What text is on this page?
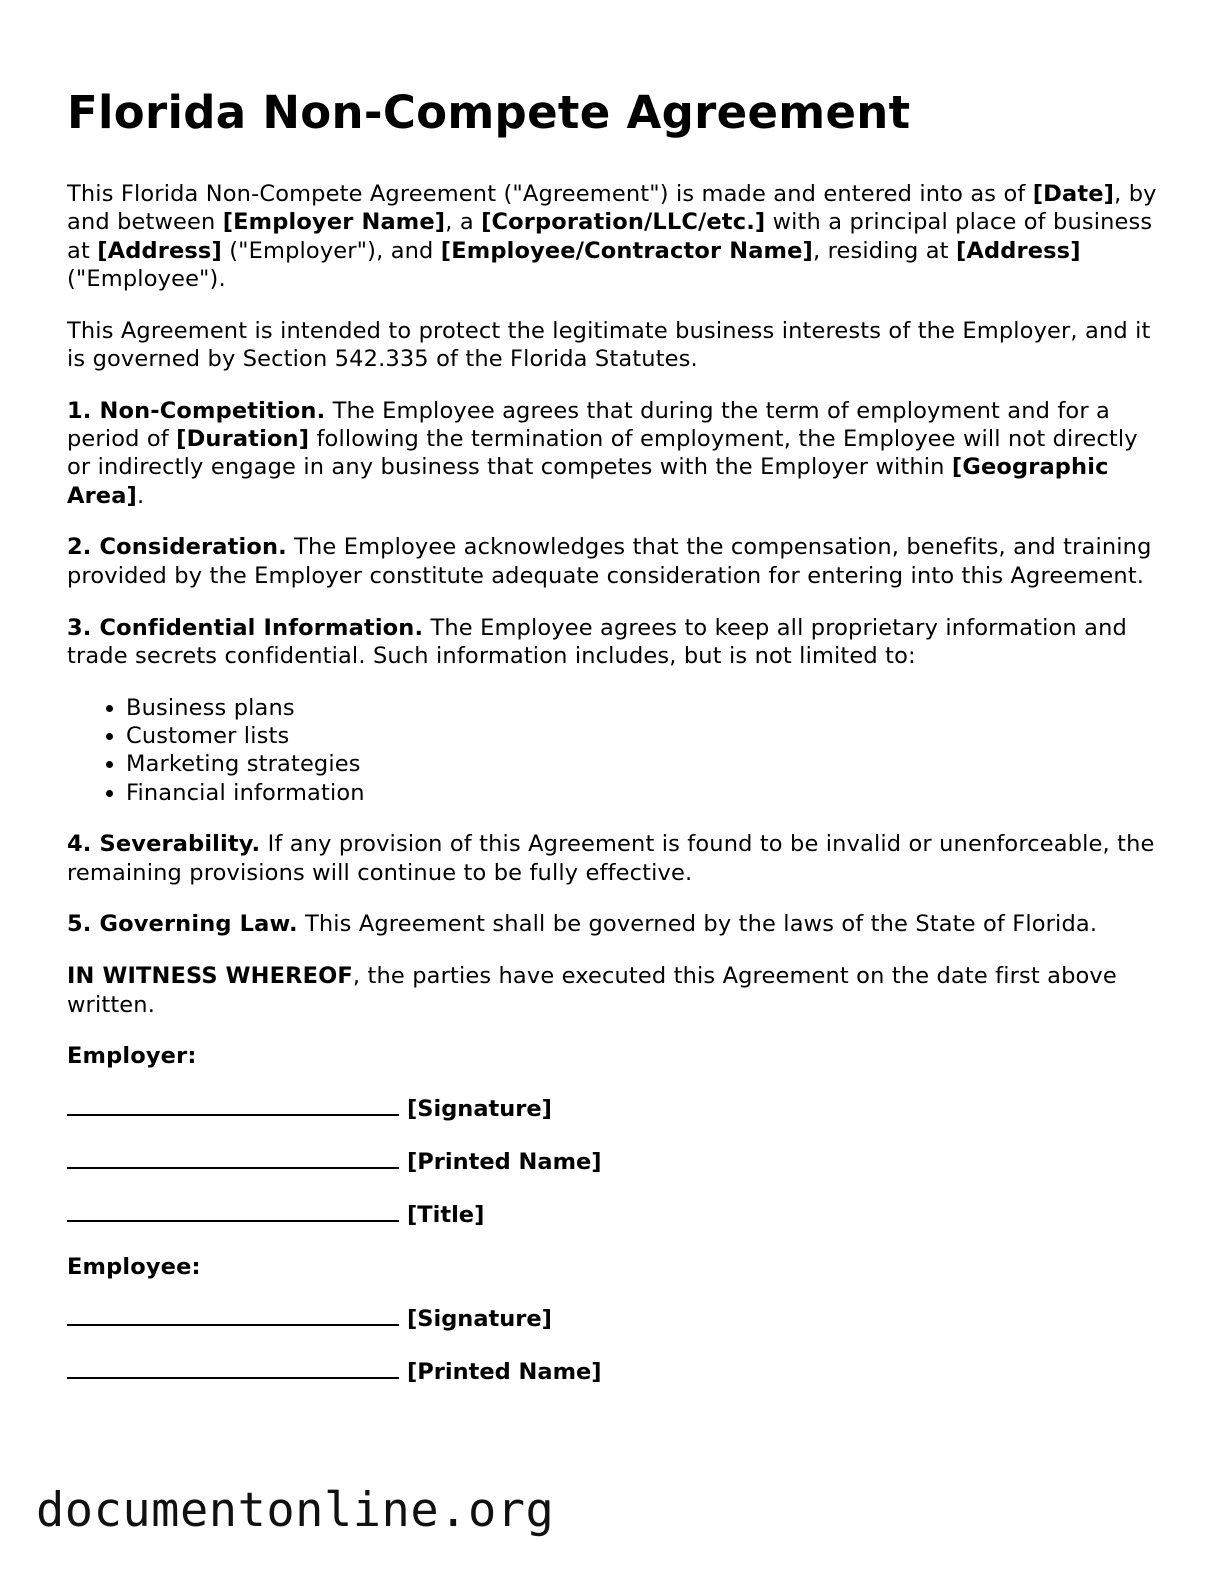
Florida Non-Compete Agreement

This Florida Non-Compete Agreement ("Agreement") is made and entered into as of [Date], by and between [Employer Name], a [Corporation/LLC/etc.] with a principal place of business at [Address] ("Employer"), and [Employee/Contractor Name], residing at [Address] ("Employee").

This Agreement is intended to protect the legitimate business interests of the Employer, and it is governed by Section 542.335 of the Florida Statutes.

1. Non-Competition. The Employee agrees that during the term of employment and for a period of [Duration] following the termination of employment, the Employee will not directly or indirectly engage in any business that competes with the Employer within [Geographic Area].

2. Consideration. The Employee acknowledges that the compensation, benefits, and training provided by the Employer constitute adequate consideration for entering into this Agreement.

3. Confidential Information. The Employee agrees to keep all proprietary information and trade secrets confidential. Such information includes, but is not limited to:

• Business plans
• Customer lists
• Marketing strategies
• Financial information

4. Severability. If any provision of this Agreement is found to be invalid or unenforceable, the remaining provisions will continue to be fully effective.

5. Governing Law. This Agreement shall be governed by the laws of the State of Florida.

IN WITNESS WHEREOF, the parties have executed this Agreement on the date first above written.

Employer:

[Signature]
[Printed Name]
[Title]

Employee:

[Signature]
[Printed Name]
documentonline.org
